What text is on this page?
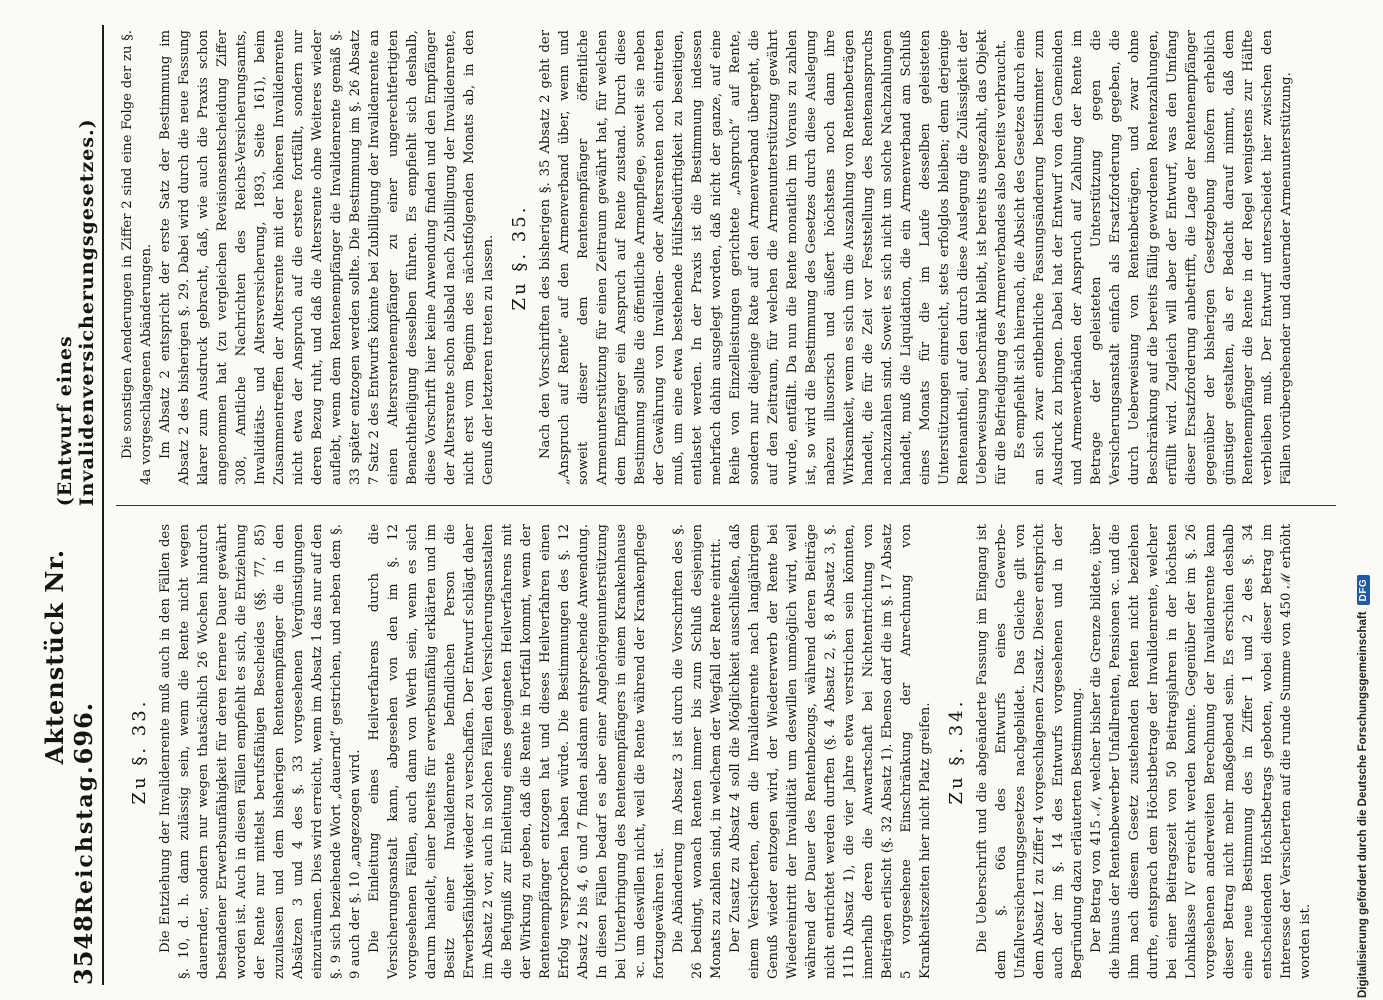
3548
Reichstag.
Aktenstück Nr. 696.
(Entwurf eines Invalidenversicherungsgesetzes.)
Zu §. 33. Die Entziehung der Invalidenrente muß auch in den Fällen des §. 10, d. h. dann zulässig sein, wenn die Rente nicht wegen dauernder, sondern nur wegen thatsächlich 26 Wochen hindurch bestandener Erwerbsunfähigkeit für deren fernere Dauer gewährt worden ist. Auch in diesen Fällen empfiehlt es sich, die Entziehung der Rente nur mittelst berufsfähigen Bescheides (§§. 77, 85) zuzulassen und dem bisherigen Rentenempfänger die in den Absätzen 3 und 4 des §. 33 vorgesehenen Vergünstigungen einzuräumen. Dies wird erreicht, wenn im Absatz 1 das nur auf den §. 9 sich beziehende Wort „dauernd“ gestrichen, und neben dem §. 9 auch der §. 10 „angezogen wird. Die Einleitung eines Heilverfahrens durch die Versicherungsanstalt kann, abgesehen von den im §. 12 vorgesehenen Fällen, auch dann von Werth sein, wenn es sich darum handelt, einer bereits für erwerbsunfähig erklärten und im Besitz einer Invalidenrente befindlichen Person die Erwerbsfähigkeit wieder zu verschaffen. Der Entwurf schlägt daher im Absatz 2 vor, auch in solchen Fällen den Versicherungsanstalten die Befugniß zur Einleitung eines geeigneten Heilverfahrens mit der Wirkung zu geben, daß die Rente in Fortfall kommt, wenn der Rentenempfänger entzogen hat und dieses Heilverfahren einen Erfolg versprochen haben würde. Die Bestimmungen des §. 12 Absatz 2 bis 4, 6 und 7 finden alsdann entsprechende Anwendung. In diesen Fällen bedarf es aber einer Angehörigenunterstützung bei Unterbringung des Rentenempfängers in einem Krankenhause ꝛc. um deswillen nicht, weil die Rente während der Krankenpflege fortzugewähren ist. Die Abänderung im Absatz 3 ist durch die Vorschriften des §. 26 bedingt, wonach Renten immer bis zum Schluß desjenigen Monats zu zahlen sind, in welchem der Wegfall der Rente eintritt. Der Zusatz zu Absatz 4 soll die Möglichkeit ausschließen, daß einem Versicherten, dem die Invalidenrente nach langjährigem Genuß wieder entzogen wird, der Wiedererwerb der Rente bei Wiedereintritt der Invalidität um deswillen unmöglich wird, weil während der Dauer des Rentenbezugs, während deren Beiträge nicht entrichtet werden durften (§. 4 Absatz 2, §. 8 Absatz 3, §. 111b Absatz 1), die vier Jahre etwa verstrichen sein könnten, innerhalb deren die Anwartschaft bei Nichtentrichtung von Beiträgen erlischt (§. 32 Absatz 1). Ebenso darf die im §. 17 Absatz 5 vorgesehene Einschränkung der Anrechnung von Krankheitszeiten hier nicht Platz greifen. Zu §. 34. Die Ueberschrift und die abgeänderte Fassung im Eingang ist dem §. 66a des Entwurfs eines Gewerbe-Unfallversicherungsgesetzes nachgebildet. Das Gleiche gilt von dem Absatz 1 zu Ziffer 4 vorgeschlagenen Zusatz. Dieser entspricht auch der im §. 14 des Entwurfs vorgesehenen und in der Begründung dazu erläuterten Bestimmung. Der Betrag von 415 ℳ, welcher bisher die Grenze bildete, über die hinaus der Rentenbewerber Unfallrenten, Pensionen ꝛc. und die ihm nach diesem Gesetz zustehenden Renten nicht beziehen durfte, entsprach dem Höchstbetrage der Invalidenrente, welcher bei einer Beitragszeit von 50 Beitragsjahren in der höchsten Lohnklasse IV erreicht werden konnte. Gegenüber der im §. 26 vorgesehenen anderweiten Berechnung der Invalidenrente kann dieser Betrag nicht mehr maßgebend sein. Es erschien deshalb eine neue Bestimmung des in Ziffer 1 und 2 des §. 34 entscheidenden Höchstbetrags geboten, wobei dieser Betrag im Interesse der Versicherten auf die runde Summe von 450 ℳ erhöht worden ist.

Die sonstigen Aenderungen in Ziffer 2 sind eine Folge der zu §. 4a vorgeschlagenen Abänderungen. Im Absatz 2 entspricht der erste Satz der Bestimmung im Absatz 2 des bisherigen §. 29. Dabei wird durch die neue Fassung klarer zum Ausdruck gebracht, daß, wie auch die Praxis schon angenommen hat (zu vergleichen Revisionsentscheidung Ziffer 308, Amtliche Nachrichten des Reichs-Versicherungsamts, Invaliditäts- und Altersversicherung, 1893, Seite 161), beim Zusammentreffen der Altersrente mit der höheren Invalidenrente nicht etwa der Anspruch auf die erstere fortfällt, sondern nur deren Bezug ruht, und daß die Altersrente ohne Weiteres wieder auflebt, wenn dem Rentenempfänger die Invalidenrente gemäß §. 33 später entzogen werden sollte. Die Bestimmung im §. 26 Absatz 7 Satz 2 des Entwurfs könnte bei Zubilligung der Invalidenrente an einen Altersrentenempfänger zu einer ungerechtfertigten Benachtheiligung desselben führen. Es empfiehlt sich deshalb, diese Vorschrift hier keine Anwendung finden und den Empfänger der Altersrente schon alsbald nach Zubilligung der Invalidenrente, nicht erst vom Beginn des nächstfolgenden Monats ab, in den Genuß der letzteren treten zu lassen. Zu §. 35. Nach den Vorschriften des bisherigen §. 35 Absatz 2 geht der „Anspruch auf Rente“ auf den Armenverband über, wenn und soweit dieser dem Rentenempfänger öffentliche Armenunterstützung für einen Zeitraum gewährt hat, für welchen dem Empfänger ein Anspruch auf Rente zustand. Durch diese Bestimmung sollte die öffentliche Armenpflege, soweit sie neben der Gewährung von Invaliden- oder Altersrenten noch eintreten muß, um eine etwa bestehende Hülfsbedürftigkeit zu beseitigen, entlastet werden. In der Praxis ist die Bestimmung indessen mehrfach dahin ausgelegt worden, daß nicht der ganze, auf eine Reihe von Einzelleistungen gerichtete „Anspruch“ auf Rente, sondern nur diejenige Rate auf den Armenverband übergeht, die auf den Zeitraum, für welchen die Armenunterstützung gewährt wurde, entfällt. Da nun die Rente monatlich im Voraus zu zahlen ist, so wird die Bestimmung des Gesetzes durch diese Auslegung nahezu illusorisch und äußert höchstens noch dann ihre Wirksamkeit, wenn es sich um die Auszahlung von Rentenbeträgen handelt, die für die Zeit vor Feststellung des Rentenanspruchs nachzuzahlen sind. Soweit es sich nicht um solche Nachzahlungen handelt, muß die Liquidation, die ein Armenverband am Schluß eines Monats für die im Laufe desselben geleisteten Unterstützungen einreicht, stets erfolglos bleiben; denn derjenige Rentenantheil, auf den durch diese Auslegung die Zulässigkeit der Ueberweisung beschränkt bleibt, ist bereits ausgezahlt, das Objekt für die Befriedigung des Armenverbandes also bereits verbraucht. Es empfiehlt sich hiernach, die Absicht des Gesetzes durch eine an sich zwar entbehrliche Fassungsänderung bestimmter zum Ausdruck zu bringen. Dabei hat der Entwurf von den Gemeinden und Armenverbänden der Anspruch auf Zahlung der Rente im Betrage der geleisteten Unterstützung gegen die Versicherungsanstalt einfach als Ersatzforderung gegeben, die durch Ueberweisung von Rentenbeträgen, und zwar ohne Beschränkung auf die bereits fällig gewordenen Rentenzahlungen, erfüllt wird. Zugleich will aber der Entwurf, was den Umfang dieser Ersatzforderung anbetrifft, die Lage der Rentenempfänger gegenüber der bisherigen Gesetzgebung insofern erheblich günstiger gestalten, als er Bedacht darauf nimmt, daß dem Rentenempfänger die Rente in der Regel wenigstens zur Hälfte verbleiben muß. Der Entwurf unterscheidet hier zwischen den Fällen vorübergehender und dauernder Armenunterstützung.

Digitalisierung gefördert durch die Deutsche Forschungsgemeinschaft
DFG
